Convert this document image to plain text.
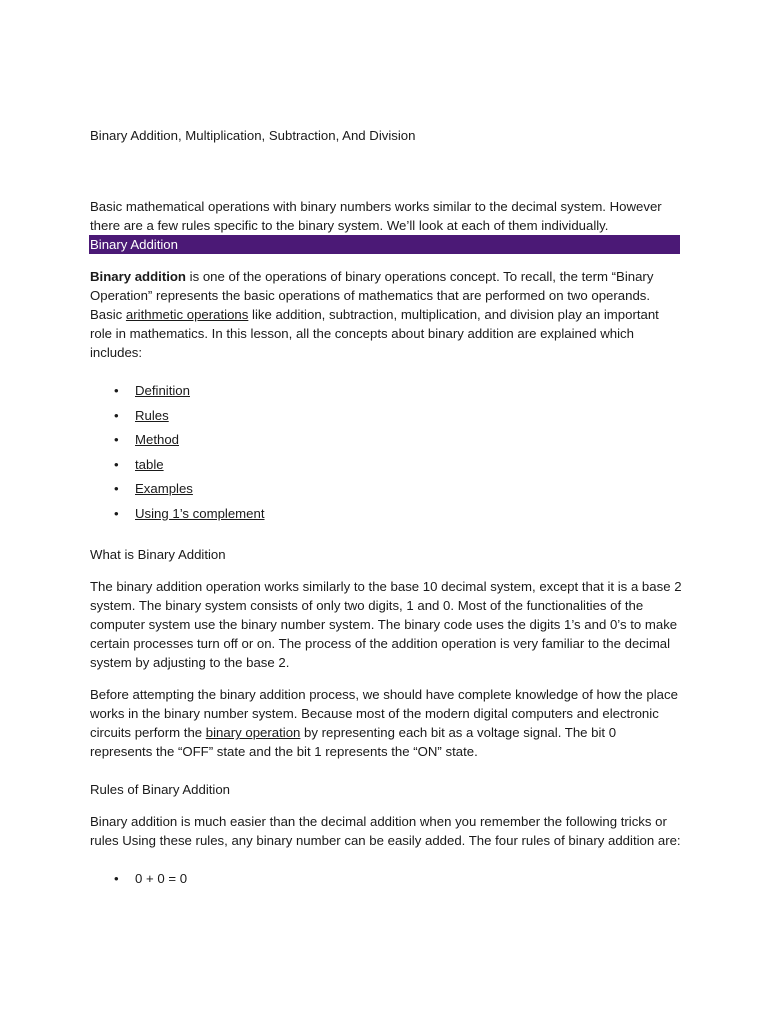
Binary Addition, Multiplication, Subtraction, And Division

Basic mathematical operations with binary numbers works similar to the decimal system. However there are a few rules specific to the binary system. We’ll look at each of them individually.

Binary Addition

Binary addition is one of the operations of binary operations concept. To recall, the term “Binary Operation” represents the basic operations of mathematics that are performed on two operands. Basic arithmetic operations like addition, subtraction, multiplication, and division play an important role in mathematics. In this lesson, all the concepts about binary addition are explained which includes:

• Definition
• Rules
• Method
• table
• Examples
• Using 1’s complement

What is Binary Addition

The binary addition operation works similarly to the base 10 decimal system, except that it is a base 2 system. The binary system consists of only two digits, 1 and 0. Most of the functionalities of the computer system use the binary number system. The binary code uses the digits 1’s and 0’s to make certain processes turn off or on. The process of the addition operation is very familiar to the decimal system by adjusting to the base 2.

Before attempting the binary addition process, we should have complete knowledge of how the place works in the binary number system. Because most of the modern digital computers and electronic circuits perform the binary operation by representing each bit as a voltage signal. The bit 0 represents the “OFF” state and the bit 1 represents the “ON” state.

Rules of Binary Addition

Binary addition is much easier than the decimal addition when you remember the following tricks or rules Using these rules, any binary number can be easily added. The four rules of binary addition are:

• 0 + 0 = 0
